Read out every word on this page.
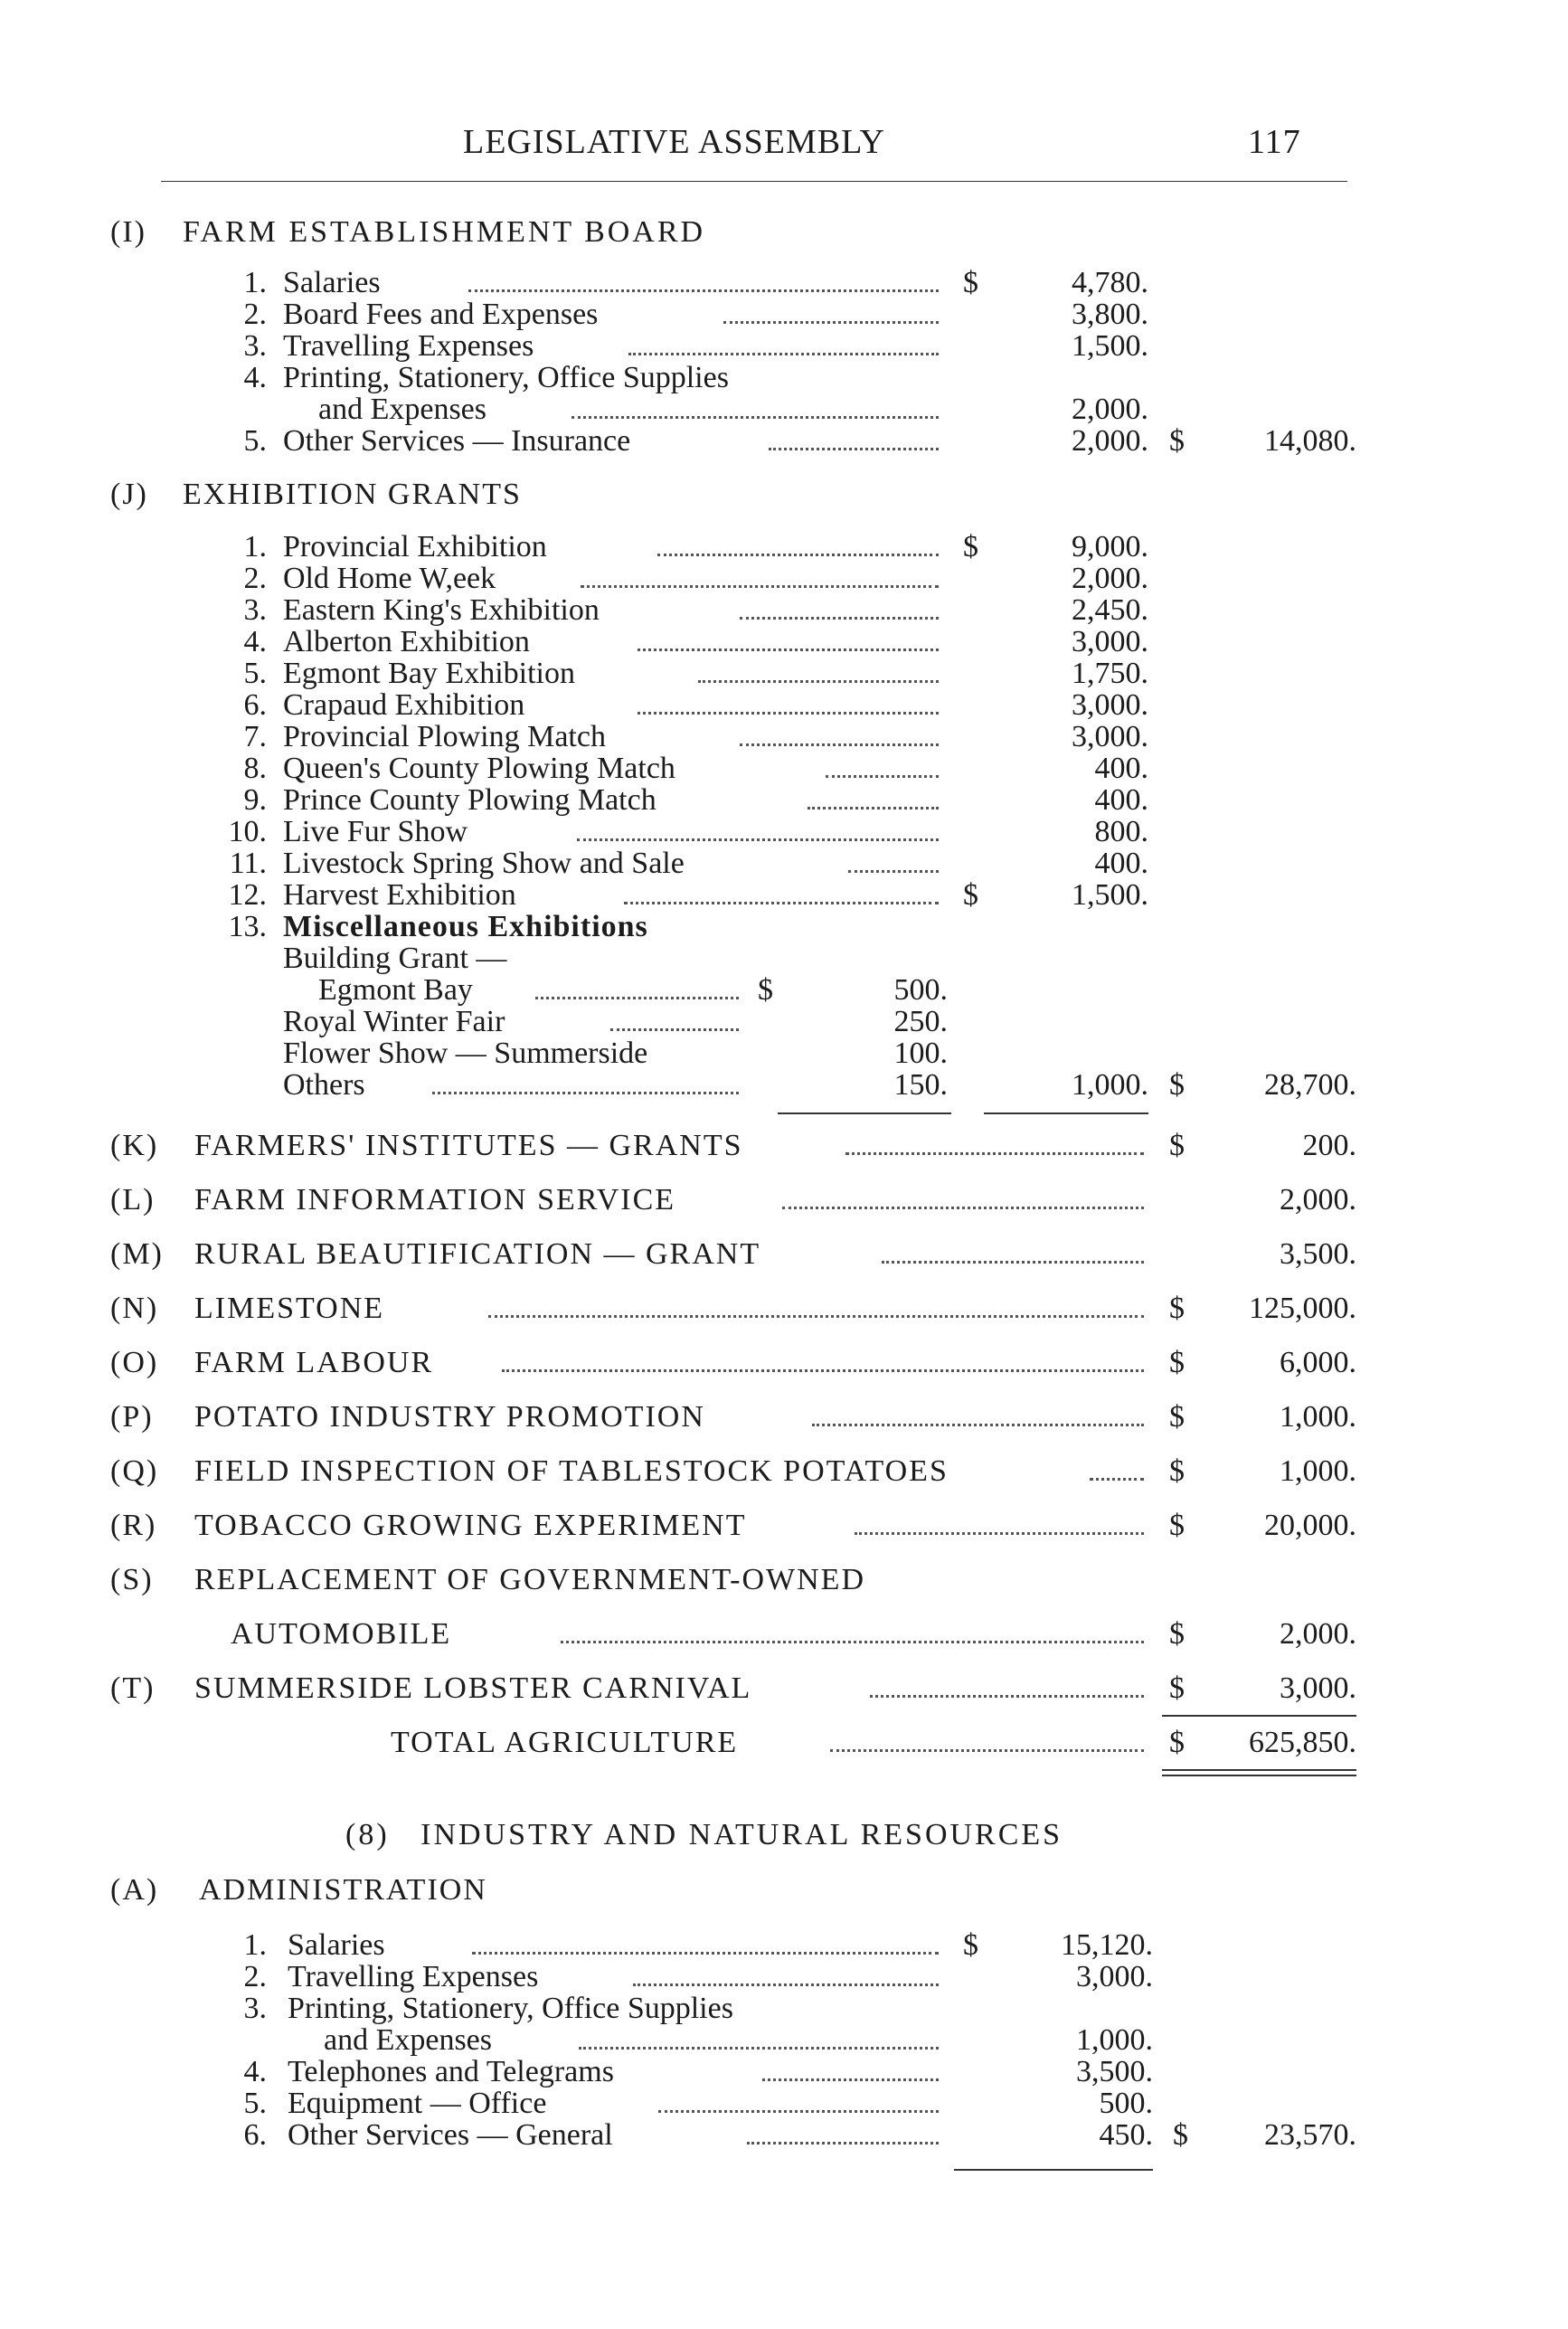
LEGISLATIVE ASSEMBLY	117
(I) FARM ESTABLISHMENT BOARD
1. Salaries	$	4,780.
2. Board Fees and Expenses	3,800.
3. Travelling Expenses	1,500.
4. Printing, Stationery, Office Supplies
and Expenses	2,000.
5. Other Services — Insurance	2,000. $	14,080.
(J) EXHIBITION GRANTS
1. Provincial Exhibition	$	9,000.
2. Old Home W,eek	2,000.
3. Eastern King's Exhibition	2,450.
4. Alberton Exhibition	3,000.
5. Egmont Bay Exhibition	1,750.
6. Crapaud Exhibition	3,000.
7. Provincial Plowing Match	3,000.
8. Queen's County Plowing Match	400.
9. Prince County Plowing Match	400.
10. Live Fur Show	800.
11. Livestock Spring Show and Sale	400.
12. Harvest Exhibition	$	1,500.
13. Miscellaneous Exhibitions
Building Grant —
Egmont Bay	$	500.
Royal Winter Fair	250.
Flower Show — Summerside	100.
Others	150.	1,000. $	28,700.
(K) FARMERS' INSTITUTES — GRANTS	$	200.
(L) FARM INFORMATION SERVICE	2,000.
(M) RURAL BEAUTIFICATION — GRANT	3,500.
(N) LIMESTONE	$	125,000.
(O) FARM LABOUR	$	6,000.
(P) POTATO INDUSTRY PROMOTION	$	1,000.
(Q) FIELD INSPECTION OF TABLESTOCK POTATOES	$	1,000.
(R) TOBACCO GROWING EXPERIMENT	$	20,000.
(S) REPLACEMENT OF GOVERNMENT-OWNED
AUTOMOBILE	$	2,000.
(T) SUMMERSIDE LOBSTER CARNIVAL	$	3,000.
TOTAL AGRICULTURE	$	625,850.
(8)   INDUSTRY AND NATURAL RESOURCES
(A) ADMINISTRATION
1. Salaries	$	15,120.
2. Travelling Expenses	3,000.
3. Printing, Stationery, Office Supplies
and Expenses	1,000.
4. Telephones and Telegrams	3,500.
5. Equipment — Office	500.
6. Other Services — General	450. $	23,570.
